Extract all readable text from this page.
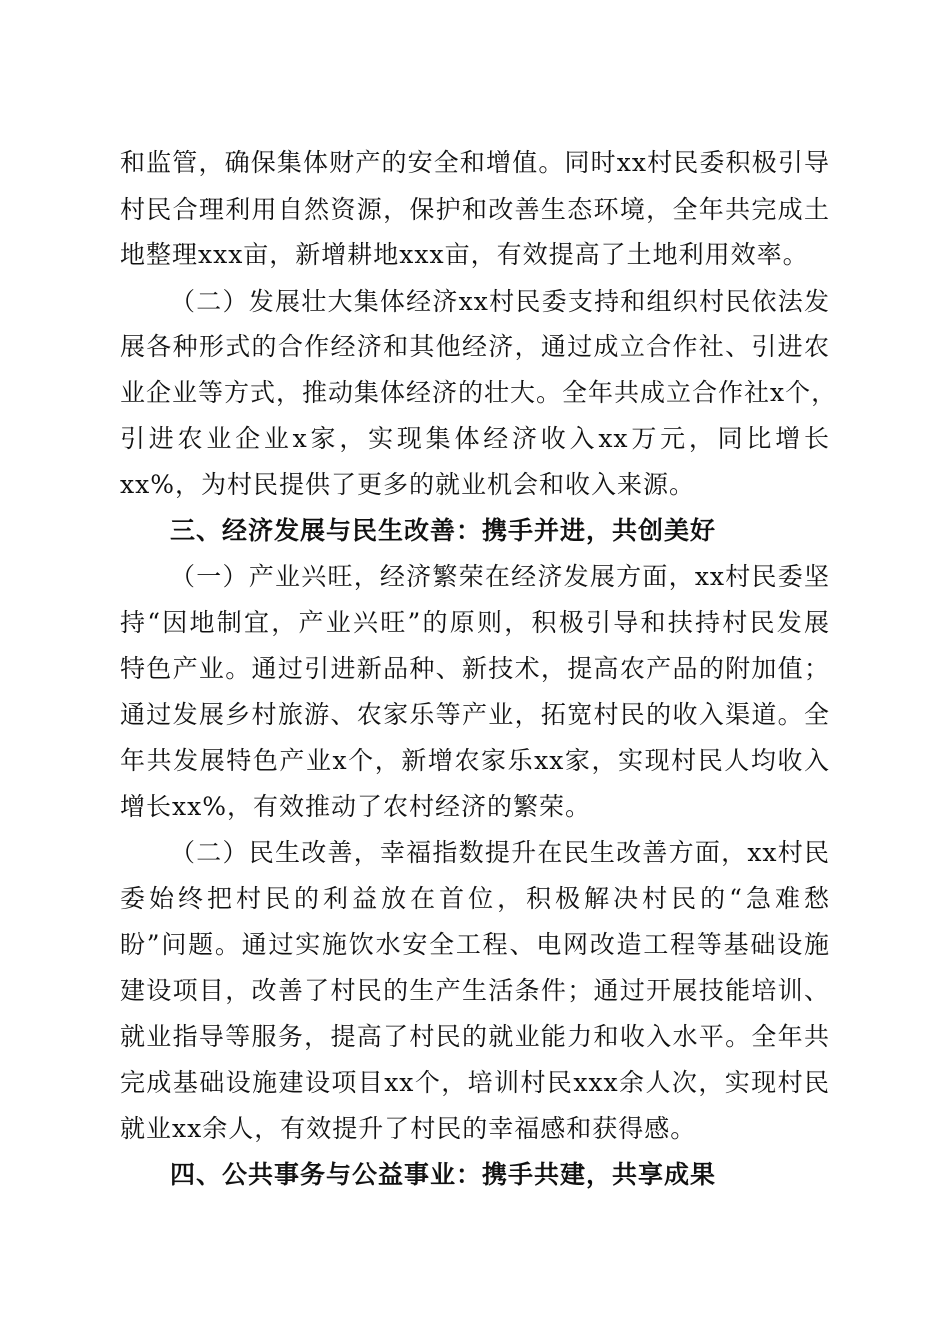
和监管，确保集体财产的安全和增值。同时xx村民委积极引导
村民合理利用自然资源，保护和改善生态环境，全年共完成土
地整理xxx亩，新增耕地xxx亩，有效提高了土地利用效率。
（二）发展壮大集体经济xx村民委支持和组织村民依法发
展各种形式的合作经济和其他经济，通过成立合作社、引进农
业企业等方式，推动集体经济的壮大。全年共成立合作社x个，
引进农业企业x家，实现集体经济收入xx万元，同比增长
xx%，为村民提供了更多的就业机会和收入来源。
三、经济发展与民生改善：携手并进，共创美好
（一）产业兴旺，经济繁荣在经济发展方面，xx村民委坚
持“因地制宜，产业兴旺”的原则，积极引导和扶持村民发展
特色产业。通过引进新品种、新技术，提高农产品的附加值；
通过发展乡村旅游、农家乐等产业，拓宽村民的收入渠道。全
年共发展特色产业x个，新增农家乐xx家，实现村民人均收入
增长xx%，有效推动了农村经济的繁荣。
（二）民生改善，幸福指数提升在民生改善方面，xx村民
委始终把村民的利益放在首位，积极解决村民的“急难愁
盼”问题。通过实施饮水安全工程、电网改造工程等基础设施
建设项目，改善了村民的生产生活条件；通过开展技能培训、
就业指导等服务，提高了村民的就业能力和收入水平。全年共
完成基础设施建设项目xx个，培训村民xxx余人次，实现村民
就业xx余人，有效提升了村民的幸福感和获得感。
四、公共事务与公益事业：携手共建，共享成果
